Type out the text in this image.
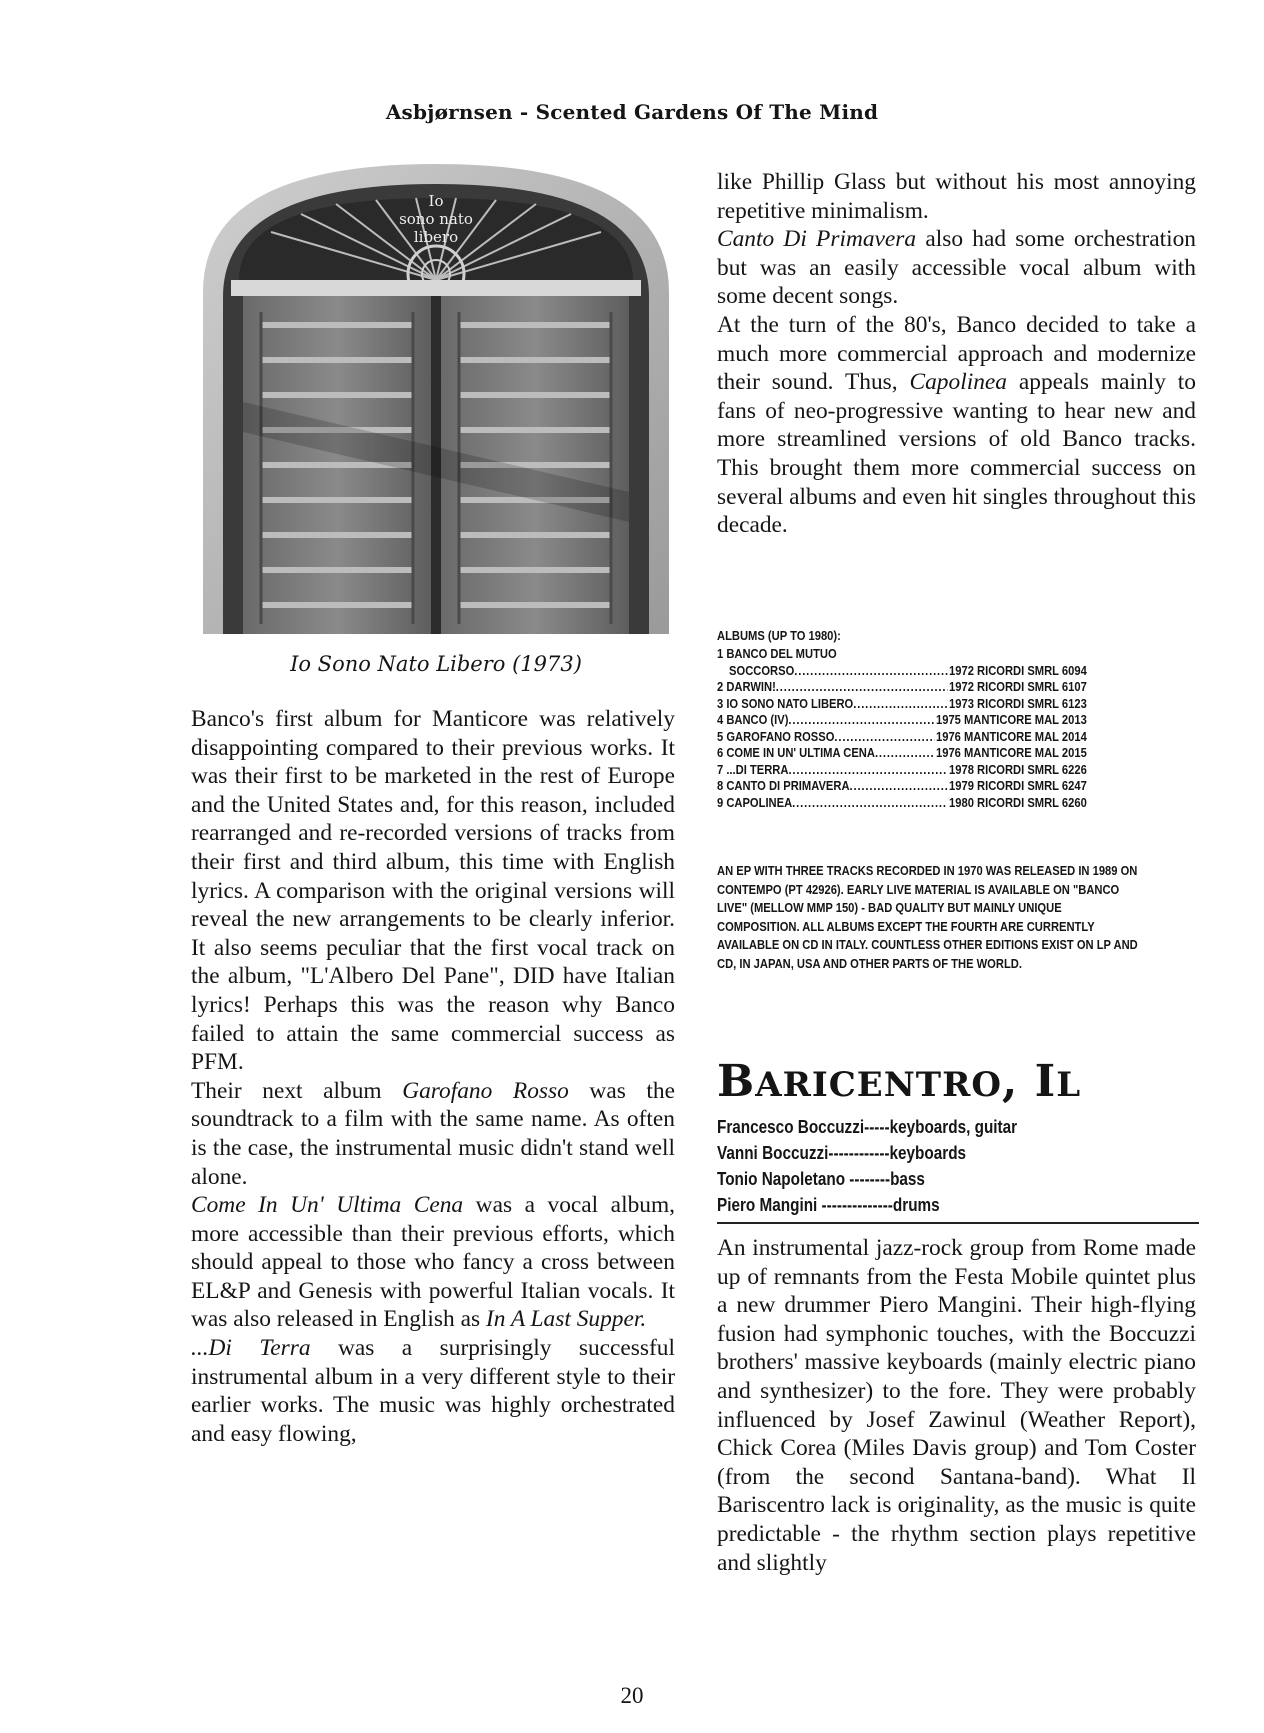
Asbjørnsen - Scented Gardens Of The Mind
Io
sono nato
libero
Io Sono Nato Libero (1973)

Banco's first album for Manticore was relatively disappointing compared to their previous works. It was their first to be marketed in the rest of Europe and the United States and, for this reason, included rearranged and re-recorded versions of tracks from their first and third album, this time with English lyrics. A comparison with the original versions will reveal the new arrangements to be clearly inferior. It also seems peculiar that the first vocal track on the album, "L'Albero Del Pane", DID have Italian lyrics! Perhaps this was the reason why Banco failed to attain the same commercial success as PFM.

Their next album Garofano Rosso was the soundtrack to a film with the same name. As often is the case, the instrumental music didn't stand well alone.

Come In Un' Ultima Cena was a vocal album, more accessible than their previous efforts, which should appeal to those who fancy a cross between EL&P and Genesis with powerful Italian vocals. It was also released in English as In A Last Supper.

...Di Terra was a surprisingly successful instrumental album in a very different style to their earlier works. The music was highly orchestrated and easy flowing,

like Phillip Glass but without his most annoying repetitive minimalism.

Canto Di Primavera also had some orchestration but was an easily accessible vocal album with some decent songs.

At the turn of the 80's, Banco decided to take a much more commercial approach and modernize their sound. Thus, Capolinea appeals mainly to fans of neo-progressive wanting to hear new and more streamlined versions of old Banco tracks. This brought them more commercial success on several albums and even hit singles throughout this decade.

ALBUMS (UP TO 1980):
1 BANCO DEL MUTUO
SOCCORSO .....	1972 RICORDI SMRL 6094
2 DARWIN! .....	1972 RICORDI SMRL 6107
3 IO SONO NATO LIBERO .....	1973 RICORDI SMRL 6123
4 BANCO (IV) .....	1975 MANTICORE MAL 2013
5 GAROFANO ROSSO .....	1976 MANTICORE MAL 2014
6 COME IN UN' ULTIMA CENA .....	1976 MANTICORE MAL 2015
7 ...DI TERRA .....	1978 RICORDI SMRL 6226
8 CANTO DI PRIMAVERA .....	1979 RICORDI SMRL 6247
9 CAPOLINEA .....	1980 RICORDI SMRL 6260
AN EP WITH THREE TRACKS RECORDED IN 1970 WAS RELEASED IN 1989 ON CONTEMPO (PT 42926). EARLY LIVE MATERIAL IS AVAILABLE ON "BANCO LIVE" (MELLOW MMP 150) - BAD QUALITY BUT MAINLY UNIQUE COMPOSITION. ALL ALBUMS EXCEPT THE FOURTH ARE CURRENTLY AVAILABLE ON CD IN ITALY. COUNTLESS OTHER EDITIONS EXIST ON LP AND CD, IN JAPAN, USA AND OTHER PARTS OF THE WORLD.
BARICENTRO, IL
Francesco Boccuzzi-----keyboards, guitar
Vanni Boccuzzi------------keyboards
Tonio Napoletano --------bass
Piero Mangini --------------drums

An instrumental jazz-rock group from Rome made up of remnants from the Festa Mobile quintet plus a new drummer Piero Mangini. Their high-flying fusion had symphonic touches, with the Boccuzzi brothers' massive keyboards (mainly electric piano and synthesizer) to the fore. They were probably influenced by Josef Zawinul (Weather Report), Chick Corea (Miles Davis group) and Tom Coster (from the second Santana-band). What Il Bariscentro lack is originality, as the music is quite predictable - the rhythm section plays repetitive and slightly

20
